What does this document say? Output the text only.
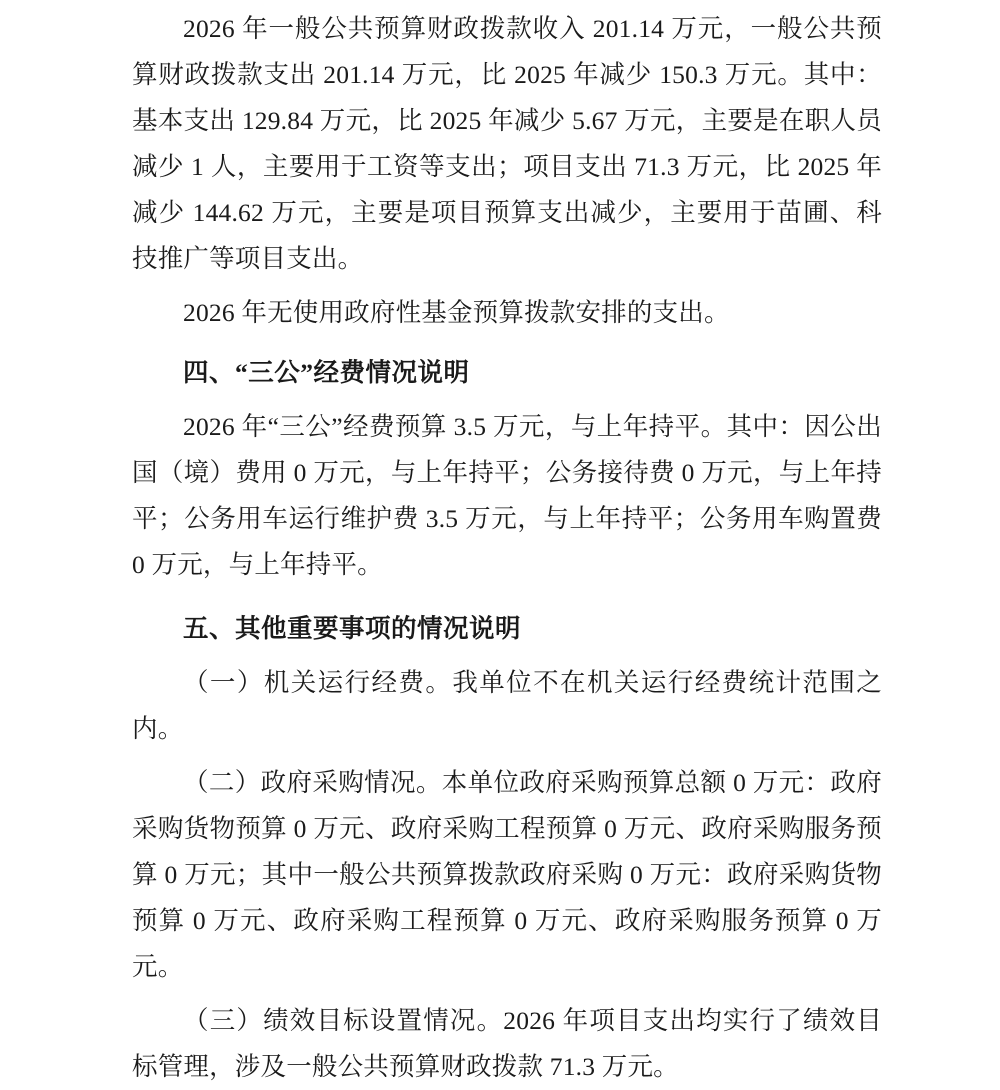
2026 年一般公共预算财政拨款收入 201.14 万元，一般公共预算财政拨款支出 201.14 万元，比 2025 年减少 150.3 万元。其中：基本支出 129.84 万元，比 2025 年减少 5.67 万元，主要是在职人员减少 1 人，主要用于工资等支出；项目支出 71.3 万元，比 2025 年减少 144.62 万元，主要是项目预算支出减少，主要用于苗圃、科技推广等项目支出。

2026 年无使用政府性基金预算拨款安排的支出。

四、“三公”经费情况说明

2026 年“三公”经费预算 3.5 万元，与上年持平。其中：因公出国（境）费用 0 万元，与上年持平；公务接待费 0 万元，与上年持平；公务用车运行维护费 3.5 万元，与上年持平；公务用车购置费 0 万元，与上年持平。

五、其他重要事项的情况说明

（一）机关运行经费。我单位不在机关运行经费统计范围之内。

（二）政府采购情况。本单位政府采购预算总额 0 万元：政府采购货物预算 0 万元、政府采购工程预算 0 万元、政府采购服务预算 0 万元；其中一般公共预算拨款政府采购 0 万元：政府采购货物预算 0 万元、政府采购工程预算 0 万元、政府采购服务预算 0 万元。

（三）绩效目标设置情况。2026 年项目支出均实行了绩效目标管理，涉及一般公共预算财政拨款 71.3 万元。
